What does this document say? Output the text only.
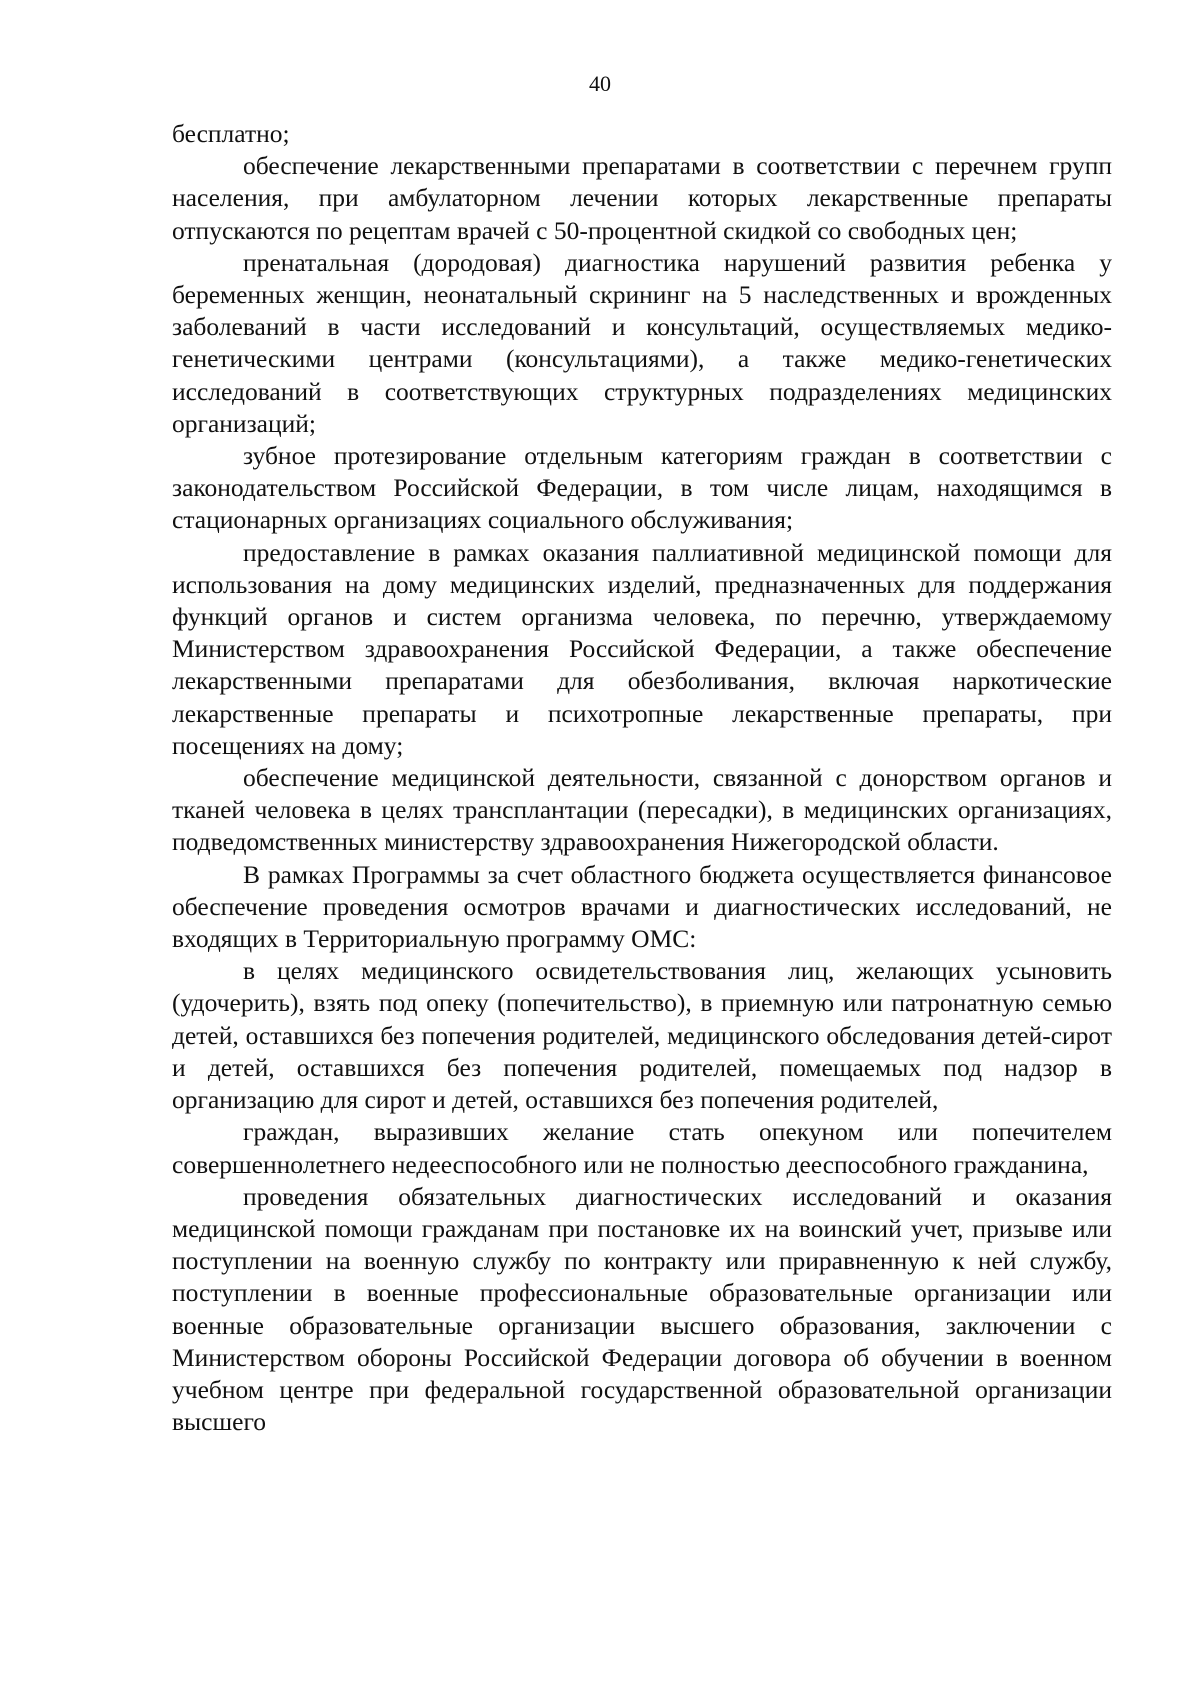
40

бесплатно;

обеспечение лекарственными препаратами в соответствии с перечнем групп населения, при амбулаторном лечении которых лекарственные препараты отпускаются по рецептам врачей с 50-процентной скидкой со свободных цен;

пренатальная (дородовая) диагностика нарушений развития ребенка у беременных женщин, неонатальный скрининг на 5 наследственных и врожденных заболеваний в части исследований и консультаций, осуществляемых медико-генетическими центрами (консультациями), а также медико-генетических исследований в соответствующих структурных подразделениях медицинских организаций;

зубное протезирование отдельным категориям граждан в соответствии с законодательством Российской Федерации, в том числе лицам, находящимся в стационарных организациях социального обслуживания;

предоставление в рамках оказания паллиативной медицинской помощи для использования на дому медицинских изделий, предназначенных для поддержания функций органов и систем организма человека, по перечню, утверждаемому Министерством здравоохранения Российской Федерации, а также обеспечение лекарственными препаратами для обезболивания, включая наркотические лекарственные препараты и психотропные лекарственные препараты, при посещениях на дому;

обеспечение медицинской деятельности, связанной с донорством органов и тканей человека в целях трансплантации (пересадки), в медицинских организациях, подведомственных министерству здравоохранения Нижегородской области.

В рамках Программы за счет областного бюджета осуществляется финансовое обеспечение проведения осмотров врачами и диагностических исследований, не входящих в Территориальную программу ОМС:

в целях медицинского освидетельствования лиц, желающих усыновить (удочерить), взять под опеку (попечительство), в приемную или патронатную семью детей, оставшихся без попечения родителей, медицинского обследования детей-сирот и детей, оставшихся без попечения родителей, помещаемых под надзор в организацию для сирот и детей, оставшихся без попечения родителей,

граждан, выразивших желание стать опекуном или попечителем совершеннолетнего недееспособного или не полностью дееспособного гражданина,

проведения обязательных диагностических исследований и оказания медицинской помощи гражданам при постановке их на воинский учет, призыве или поступлении на военную службу по контракту или приравненную к ней службу, поступлении в военные профессиональные образовательные организации или военные образовательные организации высшего образования, заключении с Министерством обороны Российской Федерации договора об обучении в военном учебном центре при федеральной государственной образовательной организации высшего
